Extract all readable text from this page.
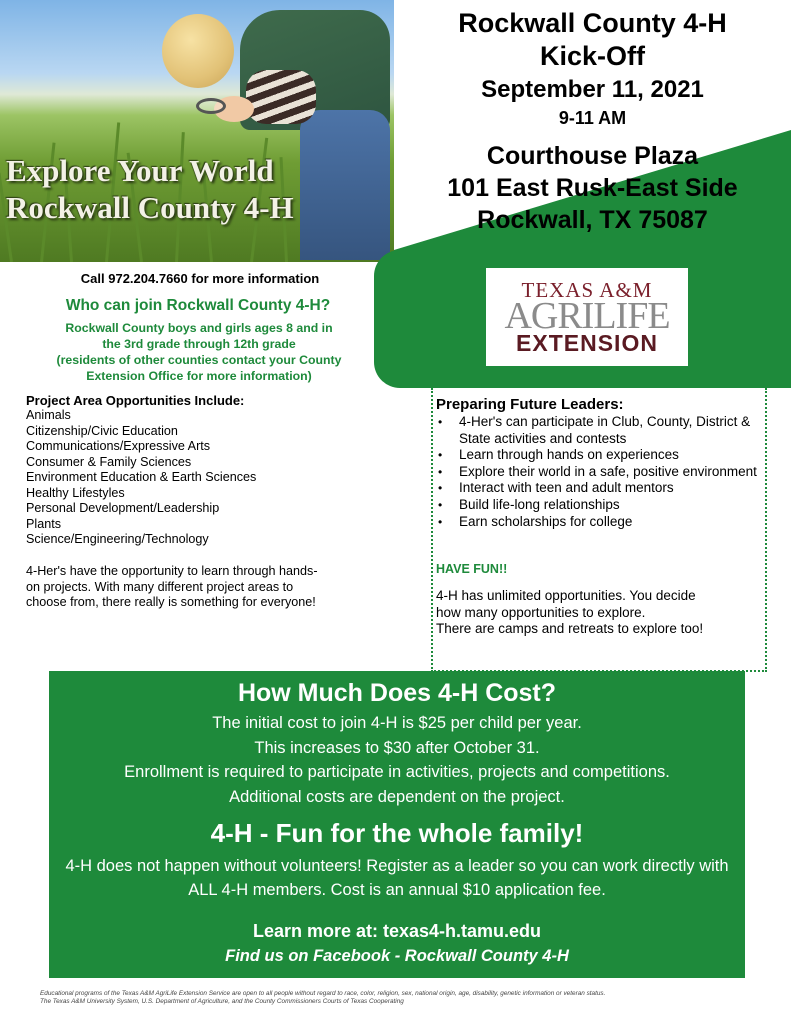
Explore Your World
Rockwall County 4-H
Rockwall County 4-H
Kick-Off
September 11, 2021
9-11 AM
Courthouse Plaza
101 East Rusk-East Side
Rockwall, TX 75087
TEXAS A&M
AGRILIFE
EXTENSION
Call 972.204.7660 for more information
Who can join Rockwall County 4-H?
Rockwall County boys and girls ages 8 and in
the 3rd grade through 12th grade
(residents of other counties contact your County
Extension Office for more information)
Project Area Opportunities Include:
Animals
Citizenship/Civic Education
Communications/Expressive Arts
Consumer & Family Sciences
Environment Education & Earth Sciences
Healthy Lifestyles
Personal Development/Leadership
Plants
Science/Engineering/Technology
4-Her's have the opportunity to learn through hands-
on projects. With many different project areas to
choose from, there really is something for everyone!
Preparing Future Leaders:
• 4-Her's can participate in Club, County, District & State activities and contests
• Learn through hands on experiences
• Explore their world in a safe, positive environment
• Interact with teen and adult mentors
• Build life-long relationships
• Earn scholarships for college
HAVE FUN!!
4-H has unlimited opportunities. You decide
how many opportunities to explore.
There are camps and retreats to explore too!
How Much Does 4-H Cost?
The initial cost to join 4-H is $25 per child per year.
This increases to $30 after October 31.
Enrollment is required to participate in activities, projects and competitions.
Additional costs are dependent on the project.
4-H - Fun for the whole family!
4-H does not happen without volunteers! Register as a leader so you can work directly with
ALL 4-H members. Cost is an annual $10 application fee.
Learn more at: texas4-h.tamu.edu
Find us on Facebook - Rockwall County 4-H
Educational programs of the Texas A&M AgriLife Extension Service are open to all people without regard to race, color, religion, sex, national origin, age, disability, genetic information or veteran status.
The Texas A&M University System, U.S. Department of Agriculture, and the County Commissioners Courts of Texas Cooperating
